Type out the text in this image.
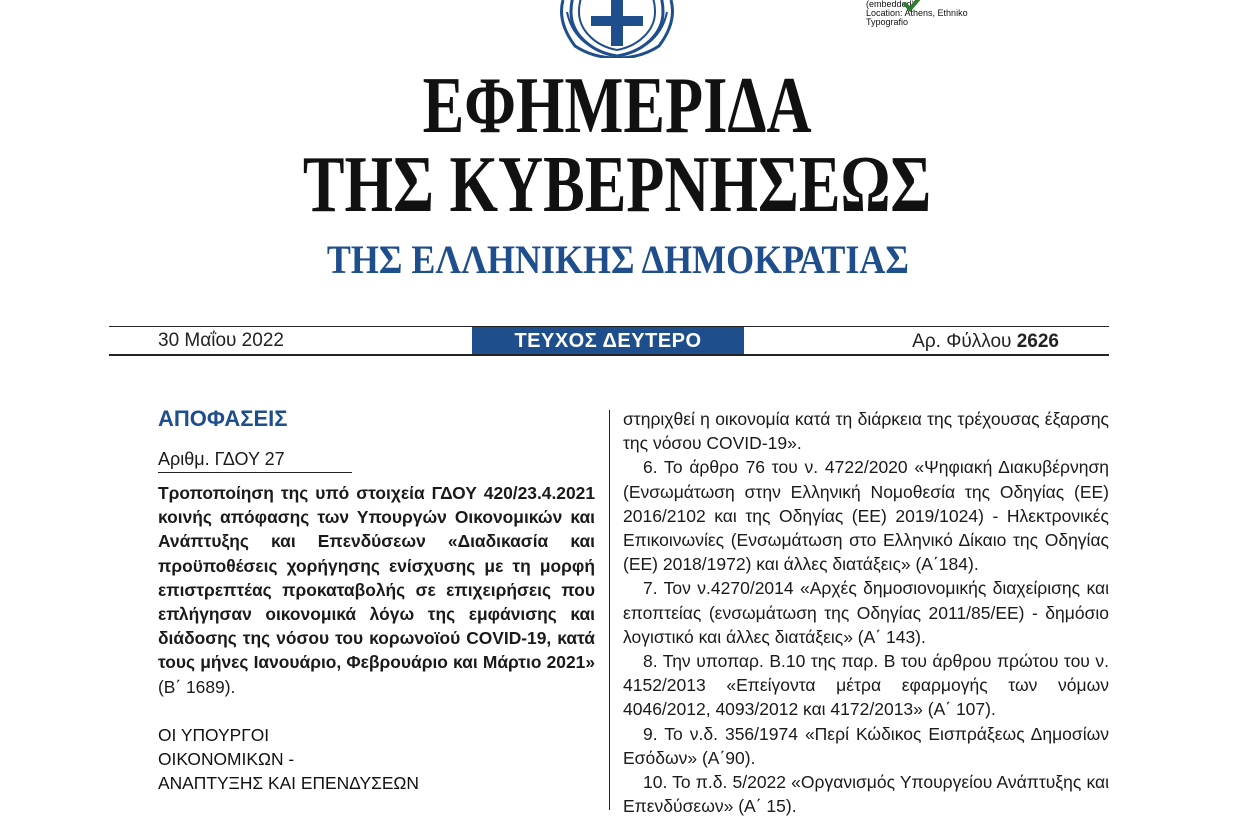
(embedded)
Location: Athens, Ethniko
Typografio
ΕΦΗΜΕΡΙΔΑ
ΤΗΣ ΚΥΒΕΡΝΗΣΕΩΣ
ΤΗΣ ΕΛΛΗΝΙΚΗΣ ΔΗΜΟΚΡΑΤΙΑΣ
30 Μαΐου 2022	ΤΕΥΧΟΣ ΔΕΥΤΕΡΟ	Αρ. Φύλλου 2626
ΑΠΟΦΑΣΕΙΣ
Αριθμ. ΓΔΟΥ 27
Τροποποίηση της υπό στοιχεία ΓΔΟΥ 420/23.4.2021 κοινής απόφασης των Υπουργών Οικονομικών και Ανάπτυξης και Επενδύσεων «Διαδικασία και προϋποθέσεις χορήγησης ενίσχυσης με τη μορφή επιστρεπτέας προκαταβολής σε επιχειρήσεις που επλήγησαν οικονομικά λόγω της εμφάνισης και διάδοσης της νόσου του κορωνοϊού COVID-19, κατά τους μήνες Ιανουάριο, Φεβρουάριο και Μάρτιο 2021» (Β΄ 1689).
ΟΙ ΥΠΟΥΡΓΟΙ
ΟΙΚΟΝΟΜΙΚΩΝ -
ΑΝΑΠΤΥΞΗΣ ΚΑΙ ΕΠΕΝΔΥΣΕΩΝ

στηριχθεί η οικονομία κατά τη διάρκεια της τρέχουσας έξαρσης της νόσου COVID-19».

6. Το άρθρο 76 του ν. 4722/2020 «Ψηφιακή Διακυβέρνηση (Ενσωμάτωση στην Ελληνική Νομοθεσία της Οδηγίας (ΕΕ) 2016/2102 και της Οδηγίας (ΕΕ) 2019/1024) - Ηλεκτρονικές Επικοινωνίες (Ενσωμάτωση στο Ελληνικό Δίκαιο της Οδηγίας (ΕΕ) 2018/1972) και άλλες διατάξεις» (Α΄184).

7. Τον ν.4270/2014 «Αρχές δημοσιονομικής διαχείρισης και εποπτείας (ενσωμάτωση της Οδηγίας 2011/85/ΕΕ) - δημόσιο λογιστικό και άλλες διατάξεις» (Α΄ 143).

8. Την υποπαρ. Β.10 της παρ. Β του άρθρου πρώτου του ν. 4152/2013 «Επείγοντα μέτρα εφαρμογής των νόμων 4046/2012, 4093/2012 και 4172/2013» (Α΄ 107).

9. Το ν.δ. 356/1974 «Περί Κώδικος Εισπράξεως Δημοσίων Εσόδων» (Α΄90).

10. Το π.δ. 5/2022 «Οργανισμός Υπουργείου Ανάπτυξης και Επενδύσεων» (Α΄ 15).
